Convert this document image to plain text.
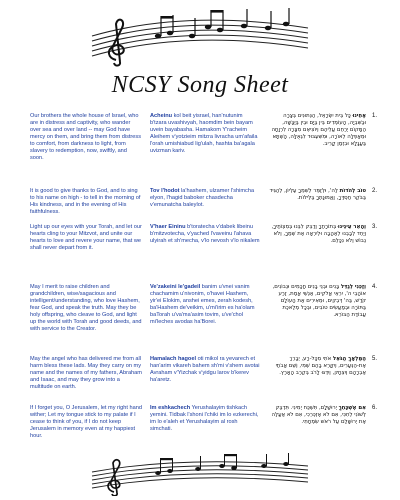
NCSY Song Sheet
Our brothers the whole house of Israel, who are in distress and captivity, who wander over sea and over land -- may God have mercy on them, and bring them from distress to comfort, from darkness to light, from slavery to redemption, now, swiftly, and soon.
Acheinu kol beit yisrael, han'nutunim b'tzara uvashivyah, haomdim bein bayam uvein bayabasha. Hamakom Y'racheim Aleihem v'yotzieim mitzra livracha um'afaila l'orah umishiabud lig'ulah, hashta ba'agala uvizman kariv.
אַחֵינוּ כָּל בֵּית יִשְׂרָאֵל, הַנְּתוּנִים בְּצָרָה וּבַשִּׁבְיָה, הָעוֹמְדִים בֵּין בַּיָּם וּבֵין בַּיַּבָּשָׁה, הַמָּקוֹם יְרַחֵם עֲלֵיהֶם וְיוֹצִיאֵם מִצָּרָה לִרְוָחָה וּמֵאֲפֵלָה לְאוֹרָה, וּמִשִּׁעְבּוּד לִגְאֻלָּה, הָשְׁתָּא בַּעֲגָלָא וּבִזְמַן קָרִיב.
1.
It is good to give thanks to God, and to sing to his name on high - to tell in the morning of His kindness, and in the evening of His faithfulness.
Tov l'hodot la'hashem, ulzamer l'shimcha elyon, l'hagid baboker chasdecha v'emunatcha baleylot.
טוֹב לְהֹדוֹת לַה', וּלְזַמֵּר לְשִׁמְךָ עֶלְיוֹן, לְהַגִּיד בַּבֹּקֶר חַסְדֶּךָ, וֶאֱמוּנָתְךָ בַּלֵּילוֹת.
2.
Light up our eyes with your Torah, and let our hearts cling to your Mitzvot, and unite our hearts to love and revere your name, that we shall never depart from it.
V'haer Eininu b'toratecha v'dabek libeinu b'mitzvotecha, v'yached l'vaveinu l'ahava ulyirah et sh'mecha, v'lo nevosh v'lo nikalem
וְהָאֵר עֵינֵינוּ בְּתוֹרָתֶךָ וְדַבֵּק לִבֵּנוּ בְּמִצְוֹתֶיךָ, וְיַחֵד לְבָבֵנוּ לְאַהֲבָה וּלְיִרְאָה אֶת שְׁמֶךָ, וְלֹא נֵבוֹשׁ וְלֹא נִכָּלֵם.
3.
May I merit to raise children and grandchildren, wise/sagacious and intelligent/understanding, who love Hashem, fear God, and speak the truth. May they be holy offspring, who cleave to God, and light up the world with Torah and good deeds, and with service to the Creator.
Ve'zakeini le'gadeil banim u'vnei vanim chachamim u'nivonim, o'havei Hashem, yir'ei Elokim, anshei emes, zerah kodesh, ba'Hashem de'veikim, u'mi'irim es ha'olam baTorah u'va'ma'asim tovim, u've'chol mi'leches avodas ha'Borei.
וְזַכֵּנִי לְגַדֵּל בָּנִים וּבְנֵי בָנִים חֲכָמִים וּנְבוֹנִים, אוֹהֲבֵי ה', יִרְאֵי אֱלֹקִים, אַנְשֵׁי אֱמֶת, זֶרַע קֹדֶשׁ, בַּה' דְּבֵקִים, וּמְאִירִים אֶת הָעוֹלָם בַּתּוֹרָה וּבְמַעֲשִׂים טוֹבִים, וּבְכָל מְלֶאכֶת עֲבוֹדַת הַבּוֹרֵא.
4.
May the angel who has delivered me from all harm bless these lads. May they carry on my name and the names of my fathers, Abraham and Isaac, and may they grow into a multitude on earth.
Hamalach hagoel oti mikol ra yevarech et han'arim vikareh bahem sh'mi v'shem avotai Avraham v'Yizchak v'yidgu larov b'kerev ha'aretz.
הַמַּלְאָךְ הַגֹּאֵל אֹתִי מִכָּל-רָע, יְבָרֵךְ אֶת-הַנְּעָרִים, וְיִקָּרֵא בָהֶם שְׁמִי, וְשֵׁם אֲבֹתַי אַבְרָהָם וְיִצְחָק, וְיִדְגּוּ לָרֹב בְּקֶרֶב הָאָרֶץ.
5.
If I forget you, O Jerusalem, let my right hand wither; Let my tongue stick to my palate if I cease to think of you, if I do not keep Jerusalem in memory even at my happiest hour.
Im eshkachech Yerushalayim tishkach yemini. Tidbak l'shoni l'chiki im lo ezkerechi, im lo e'aleh et Yerushalayim al rosh simchati.
אִם אֶשְׁכָּחֵךְ יְרוּשָׁלִָם, תִּשְׁכַּח יְמִינִי. תִּדְבַּק לְשׁוֹנִי לְחִכִּי, אִם לֹא אֶזְכְּרֵכִי, אִם לֹא אַעֲלֶה אֶת יְרוּשָׁלִַם עַל רֹאשׁ שִׂמְחָתִי.
6.
